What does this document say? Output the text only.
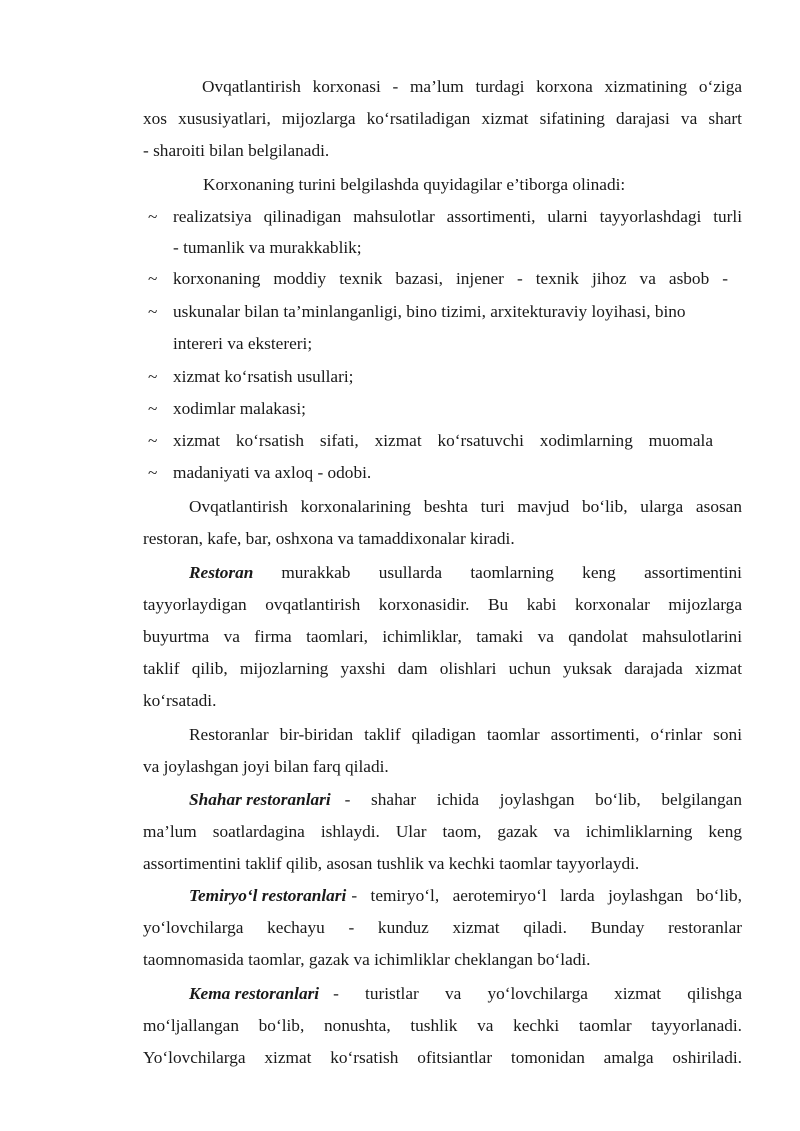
Ovqatlantirish korxonasi - ma’lum turdagi korxona xizmatining o‘ziga
xos xususiyatlari, mijozlarga ko‘rsatiladigan xizmat sifatining darajasi va shart
- sharoiti bilan belgilanadi.
Korxonaning turini belgilashda quyidagilar e’tiborga olinadi:
~ realizatsiya qilinadigan mahsulotlar assortimenti, ularni tayyorlashdagi turli
- tumanlik va murakkablik;
~ korxonaning moddiy texnik bazasi, injener - texnik jihoz va asbob -
~ uskunalar bilan ta’minlanganligi, bino tizimi, arxitekturaviy loyihasi, bino
intereri va ekstereri;
~ xizmat ko‘rsatish usullari;
~ xodimlar malakasi;
~ xizmat ko‘rsatish sifati, xizmat ko‘rsatuvchi xodimlarning muomala
~ madaniyati va axloq - odobi.
Ovqatlantirish korxonalarining beshta turi mavjud bo‘lib, ularga asosan
restoran, kafe, bar, oshxona va tamaddixonalar kiradi.
Restoran murakkab usullarda taomlarning keng assortimentini
tayyorlaydigan ovqatlantirish korxonasidir. Bu kabi korxonalar mijozlarga
buyurtma va firma taomlari, ichimliklar, tamaki va qandolat mahsulotlarini
taklif qilib, mijozlarning yaxshi dam olishlari uchun yuksak darajada xizmat
ko‘rsatadi.
Restoranlar bir-biridan taklif qiladigan taomlar assortimenti, o‘rinlar soni
va joylashgan joyi bilan farq qiladi.
Shahar restoranlari - shahar ichida joylashgan bo‘lib, belgilangan
ma’lum soatlardagina ishlaydi. Ular taom, gazak va ichimliklarning keng
assortimentini taklif qilib, asosan tushlik va kechki taomlar tayyorlaydi.
Temiryo‘l restoranlari - temiryo‘l, aerotemiryo‘l larda joylashgan bo‘lib,
yo‘lovchilarga kechayu - kunduz xizmat qiladi. Bunday restoranlar
taomnomasida taomlar, gazak va ichimliklar cheklangan bo‘ladi.
Kema restoranlari - turistlar va yo‘lovchilarga xizmat qilishga
mo‘ljallangan bo‘lib, nonushta, tushlik va kechki taomlar tayyorlanadi.
Yo‘lovchilarga xizmat ko‘rsatish ofitsiantlar tomonidan amalga oshiriladi.
